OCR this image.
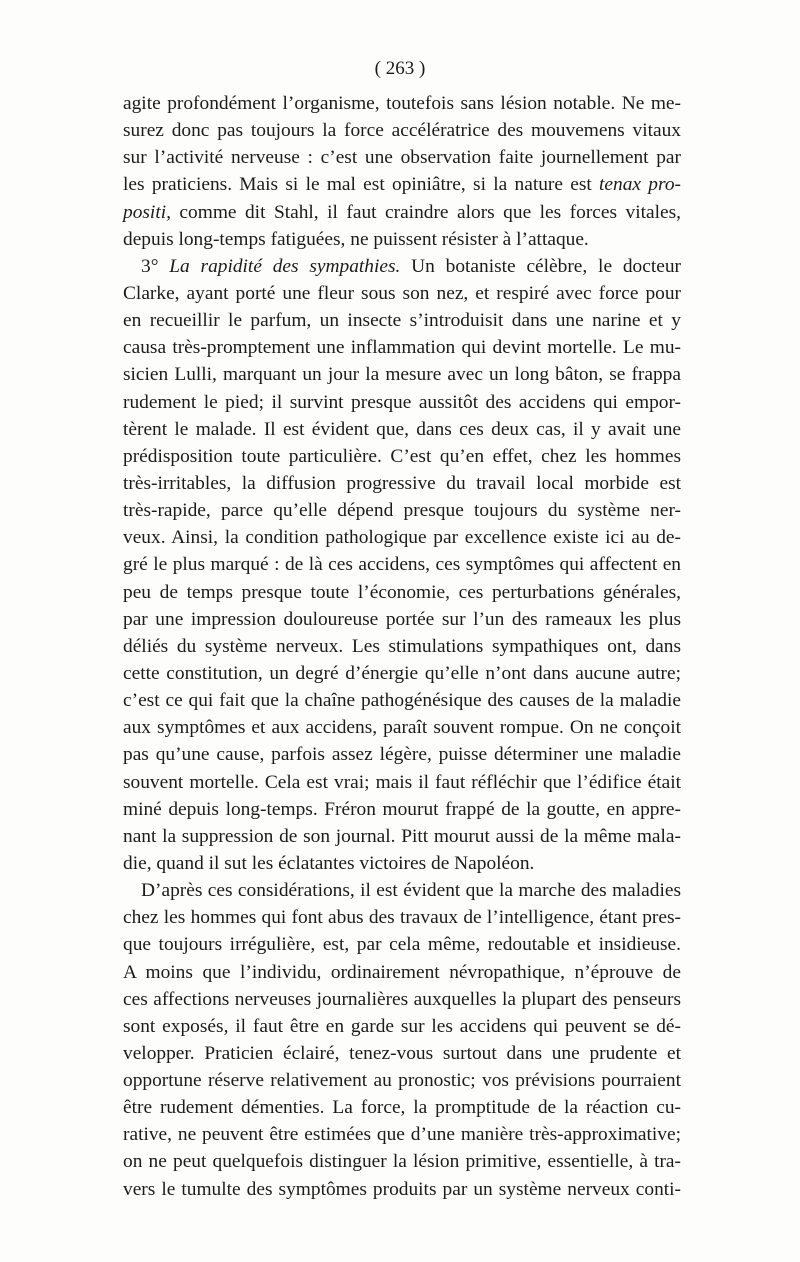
( 263 )
agite profondément l’organisme, toutefois sans lésion notable. Ne me-
surez donc pas toujours la force accélératrice des mouvemens vitaux
sur l’activité nerveuse : c’est une observation faite journellement par
les praticiens. Mais si le mal est opiniâtre, si la nature est tenax pro-
positi, comme dit Stahl, il faut craindre alors que les forces vitales,
depuis long-temps fatiguées, ne puissent résister à l’attaque.
3° La rapidité des sympathies. Un botaniste célèbre, le docteur
Clarke, ayant porté une fleur sous son nez, et respiré avec force pour
en recueillir le parfum, un insecte s’introduisit dans une narine et y
causa très-promptement une inflammation qui devint mortelle. Le mu-
sicien Lulli, marquant un jour la mesure avec un long bâton, se frappa
rudement le pied; il survint presque aussitôt des accidens qui empor-
tèrent le malade. Il est évident que, dans ces deux cas, il y avait une
prédisposition toute particulière. C’est qu’en effet, chez les hommes
très-irritables, la diffusion progressive du travail local morbide est
très-rapide, parce qu’elle dépend presque toujours du système ner-
veux. Ainsi, la condition pathologique par excellence existe ici au de-
gré le plus marqué : de là ces accidens, ces symptômes qui affectent en
peu de temps presque toute l’économie, ces perturbations générales,
par une impression douloureuse portée sur l’un des rameaux les plus
déliés du système nerveux. Les stimulations sympathiques ont, dans
cette constitution, un degré d’énergie qu’elle n’ont dans aucune autre;
c’est ce qui fait que la chaîne pathogénésique des causes de la maladie
aux symptômes et aux accidens, paraît souvent rompue. On ne conçoit
pas qu’une cause, parfois assez légère, puisse déterminer une maladie
souvent mortelle. Cela est vrai; mais il faut réfléchir que l’édifice était
miné depuis long-temps. Fréron mourut frappé de la goutte, en appre-
nant la suppression de son journal. Pitt mourut aussi de la même mala-
die, quand il sut les éclatantes victoires de Napoléon.
D’après ces considérations, il est évident que la marche des maladies
chez les hommes qui font abus des travaux de l’intelligence, étant pres-
que toujours irrégulière, est, par cela même, redoutable et insidieuse.
A moins que l’individu, ordinairement névropathique, n’éprouve de
ces affections nerveuses journalières auxquelles la plupart des penseurs
sont exposés, il faut être en garde sur les accidens qui peuvent se dé-
velopper. Praticien éclairé, tenez-vous surtout dans une prudente et
opportune réserve relativement au pronostic; vos prévisions pourraient
être rudement démenties. La force, la promptitude de la réaction cu-
rative, ne peuvent être estimées que d’une manière très-approximative;
on ne peut quelquefois distinguer la lésion primitive, essentielle, à tra-
vers le tumulte des symptômes produits par un système nerveux conti-
